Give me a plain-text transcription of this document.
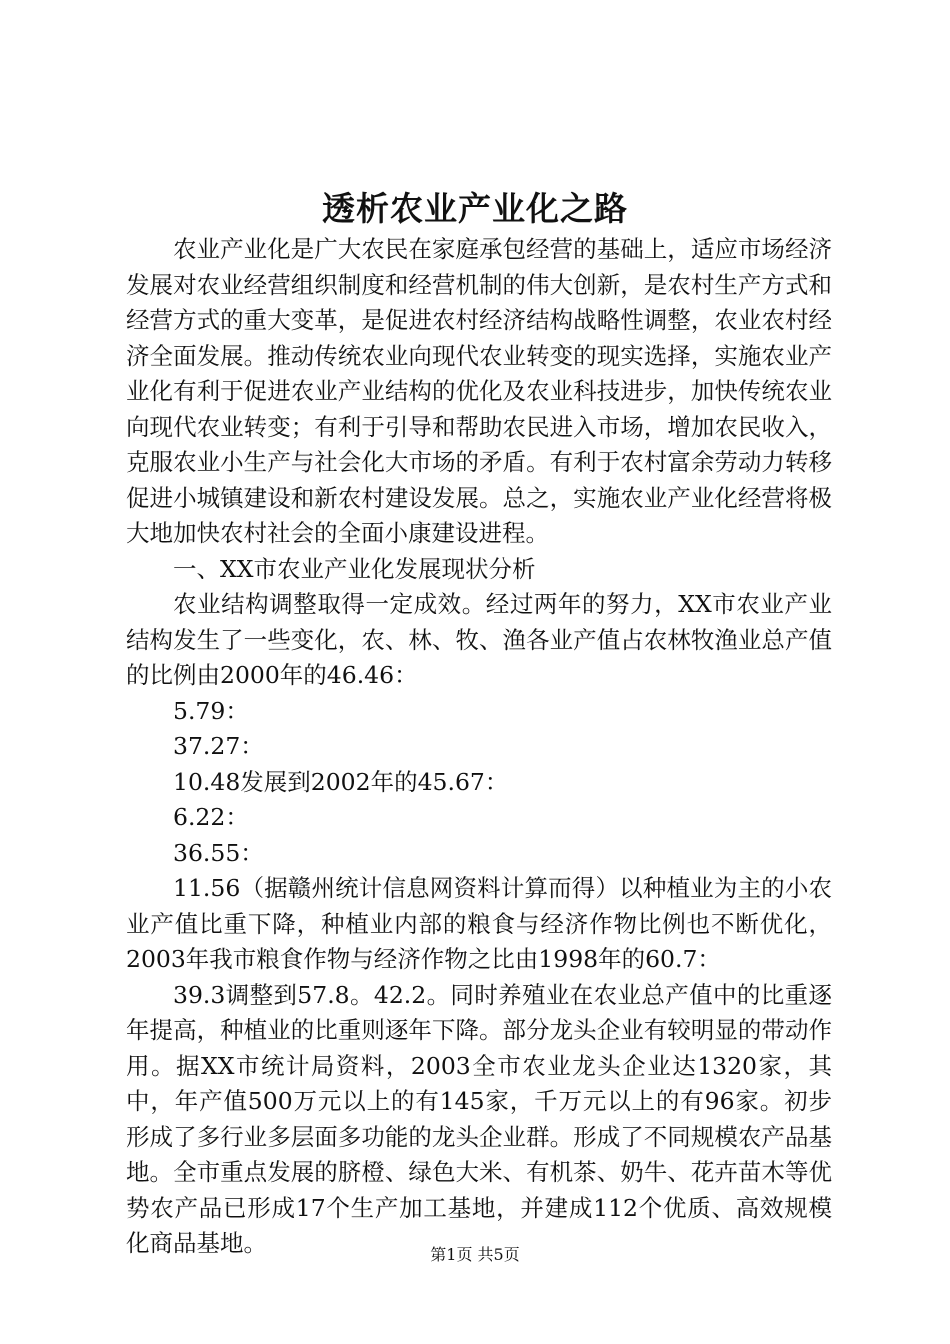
透析农业产业化之路

农业产业化是广大农民在家庭承包经营的基础上，适应市场经济发展对农业经营组织制度和经营机制的伟大创新，是农村生产方式和经营方式的重大变革，是促进农村经济结构战略性调整，农业农村经济全面发展。推动传统农业向现代农业转变的现实选择，实施农业产业化有利于促进农业产业结构的优化及农业科技进步，加快传统农业向现代农业转变；有利于引导和帮助农民进入市场，增加农民收入，克服农业小生产与社会化大市场的矛盾。有利于农村富余劳动力转移促进小城镇建设和新农村建设发展。总之，实施农业产业化经营将极大地加快农村社会的全面小康建设进程。

一、XX市农业产业化发展现状分析

农业结构调整取得一定成效。经过两年的努力，XX市农业产业结构发生了一些变化，农、林、牧、渔各业产值占农林牧渔业总产值的比例由2000年的46.46：

5.79：

37.27：

10.48发展到2002年的45.67：

6.22：

36.55：

11.56（据赣州统计信息网资料计算而得）以种植业为主的小农业产值比重下降，种植业内部的粮食与经济作物比例也不断优化，2003年我市粮食作物与经济作物之比由1998年的60.7：

39.3调整到57.8。42.2。同时养殖业在农业总产值中的比重逐年提高，种植业的比重则逐年下降。部分龙头企业有较明显的带动作用。据XX市统计局资料，2003全市农业龙头企业达1320家，其中，年产值500万元以上的有145家，千万元以上的有96家。初步形成了多行业多层面多功能的龙头企业群。形成了不同规模农产品基地。全市重点发展的脐橙、绿色大米、有机茶、奶牛、花卉苗木等优势农产品已形成17个生产加工基地，并建成112个优质、高效规模化商品基地。	第1页 共5页
